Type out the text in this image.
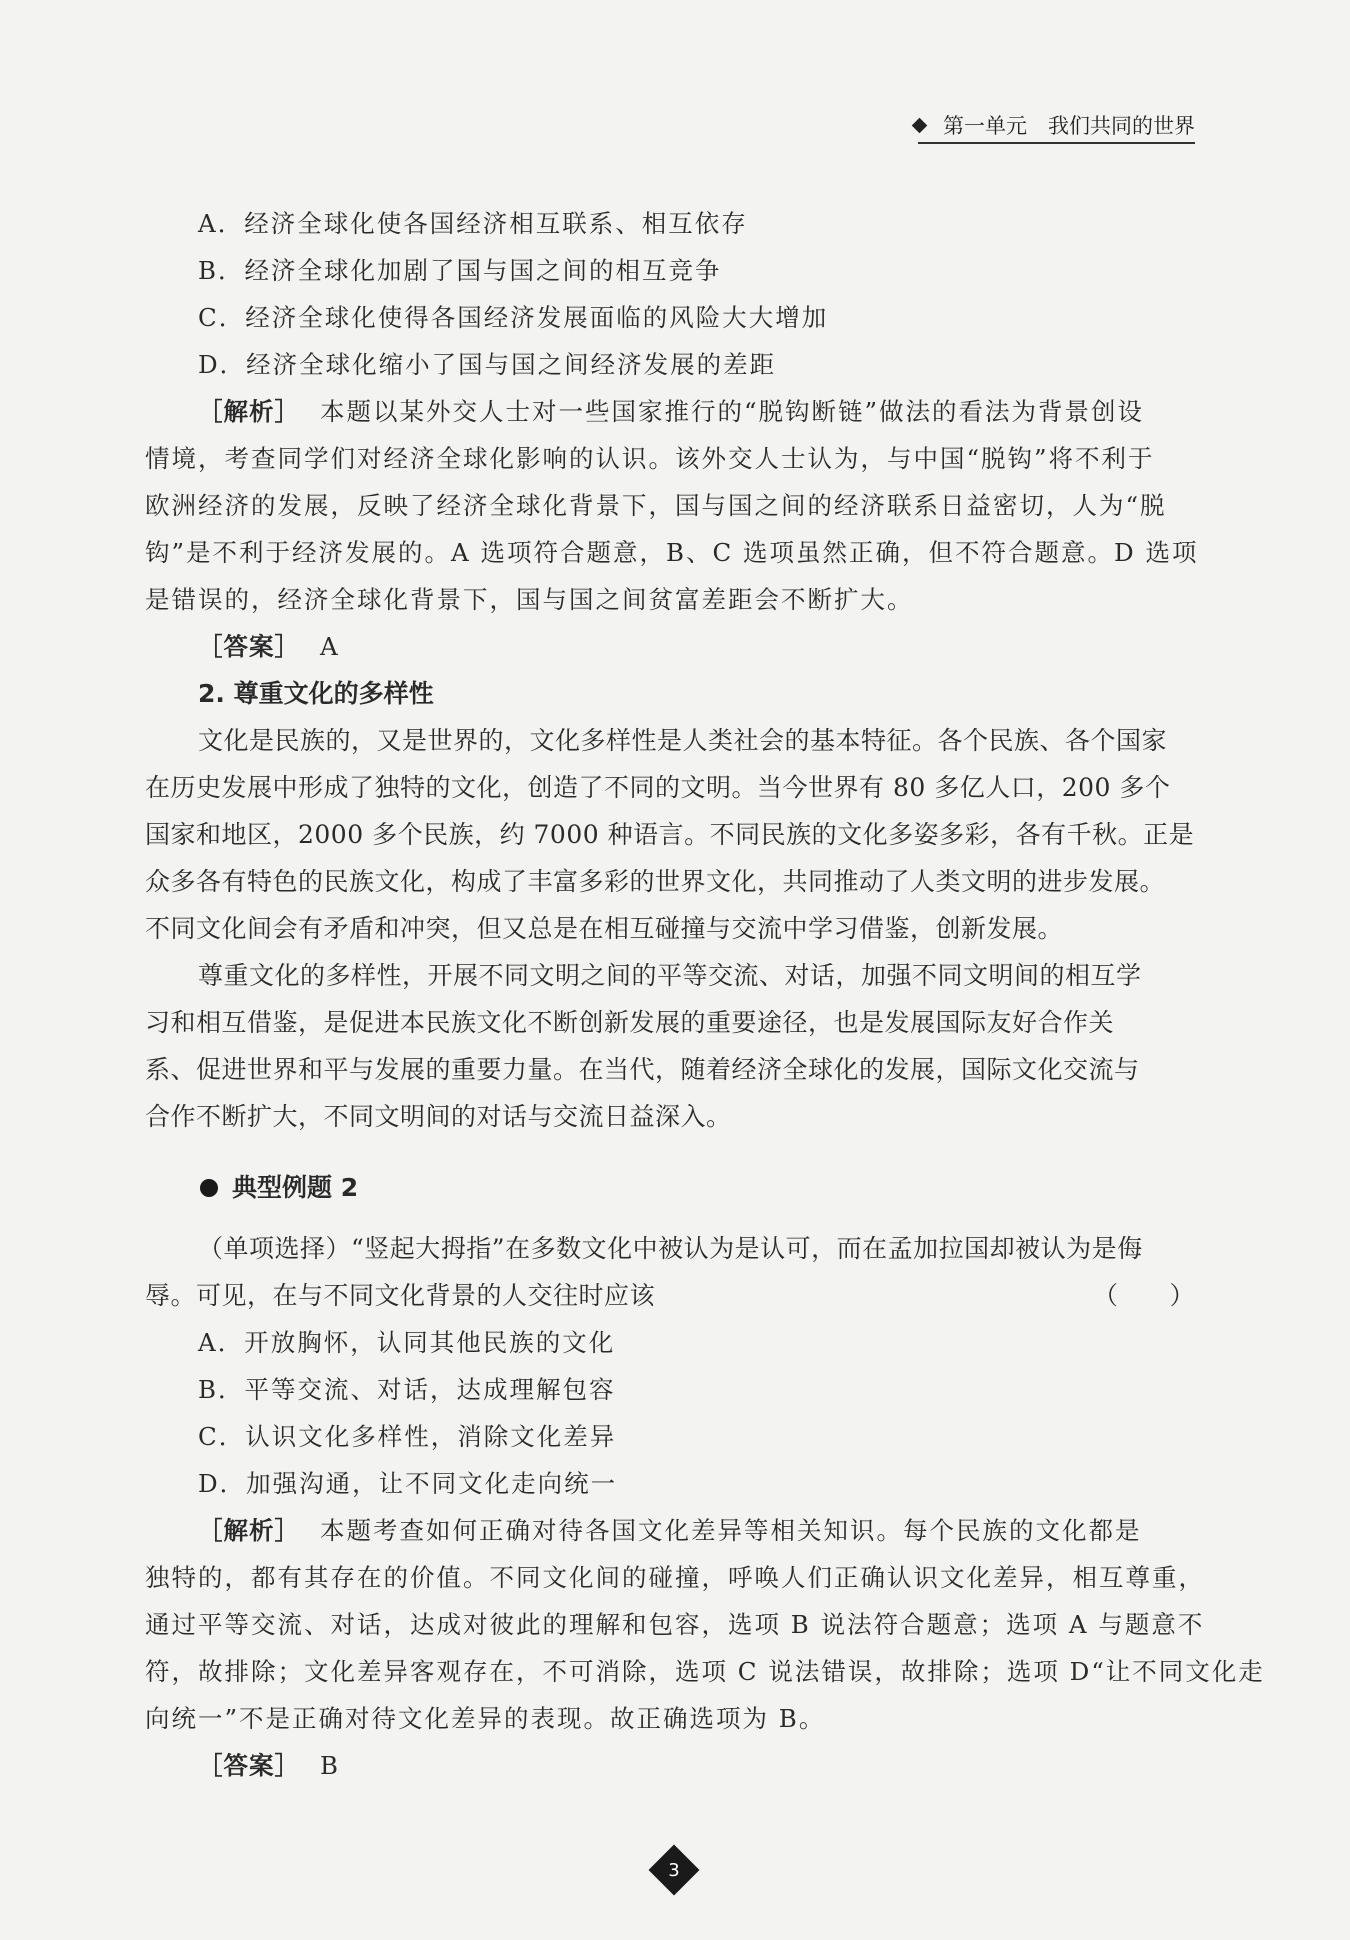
第一单元　我们共同的世界
A．经济全球化使各国经济相互联系、相互依存
B．经济全球化加剧了国与国之间的相互竞争
C．经济全球化使得各国经济发展面临的风险大大增加
D．经济全球化缩小了国与国之间经济发展的差距
［解析］ 本题以某外交人士对一些国家推行的“脱钩断链”做法的看法为背景创设
情境，考查同学们对经济全球化影响的认识。该外交人士认为，与中国“脱钩”将不利于
欧洲经济的发展，反映了经济全球化背景下，国与国之间的经济联系日益密切，人为“脱
钩”是不利于经济发展的。A 选项符合题意，B、C 选项虽然正确，但不符合题意。D 选项
是错误的，经济全球化背景下，国与国之间贫富差距会不断扩大。
［答案］ A
2. 尊重文化的多样性
文化是民族的，又是世界的，文化多样性是人类社会的基本特征。各个民族、各个国家
在历史发展中形成了独特的文化，创造了不同的文明。当今世界有 80 多亿人口，200 多个
国家和地区，2000 多个民族，约 7000 种语言。不同民族的文化多姿多彩，各有千秋。正是
众多各有特色的民族文化，构成了丰富多彩的世界文化，共同推动了人类文明的进步发展。
不同文化间会有矛盾和冲突，但又总是在相互碰撞与交流中学习借鉴，创新发展。
尊重文化的多样性，开展不同文明之间的平等交流、对话，加强不同文明间的相互学
习和相互借鉴，是促进本民族文化不断创新发展的重要途径，也是发展国际友好合作关
系、促进世界和平与发展的重要力量。在当代，随着经济全球化的发展，国际文化交流与
合作不断扩大，不同文明间的对话与交流日益深入。
典型例题 2
（单项选择）“竖起大拇指”在多数文化中被认为是认可，而在孟加拉国却被认为是侮
辱。可见，在与不同文化背景的人交往时应该	（　　）
A．开放胸怀，认同其他民族的文化
B．平等交流、对话，达成理解包容
C．认识文化多样性，消除文化差异
D．加强沟通，让不同文化走向统一
［解析］ 本题考查如何正确对待各国文化差异等相关知识。每个民族的文化都是
独特的，都有其存在的价值。不同文化间的碰撞，呼唤人们正确认识文化差异，相互尊重，
通过平等交流、对话，达成对彼此的理解和包容，选项 B 说法符合题意；选项 A 与题意不
符，故排除；文化差异客观存在，不可消除，选项 C 说法错误，故排除；选项 D“让不同文化走
向统一”不是正确对待文化差异的表现。故正确选项为 B。
［答案］ B
3
